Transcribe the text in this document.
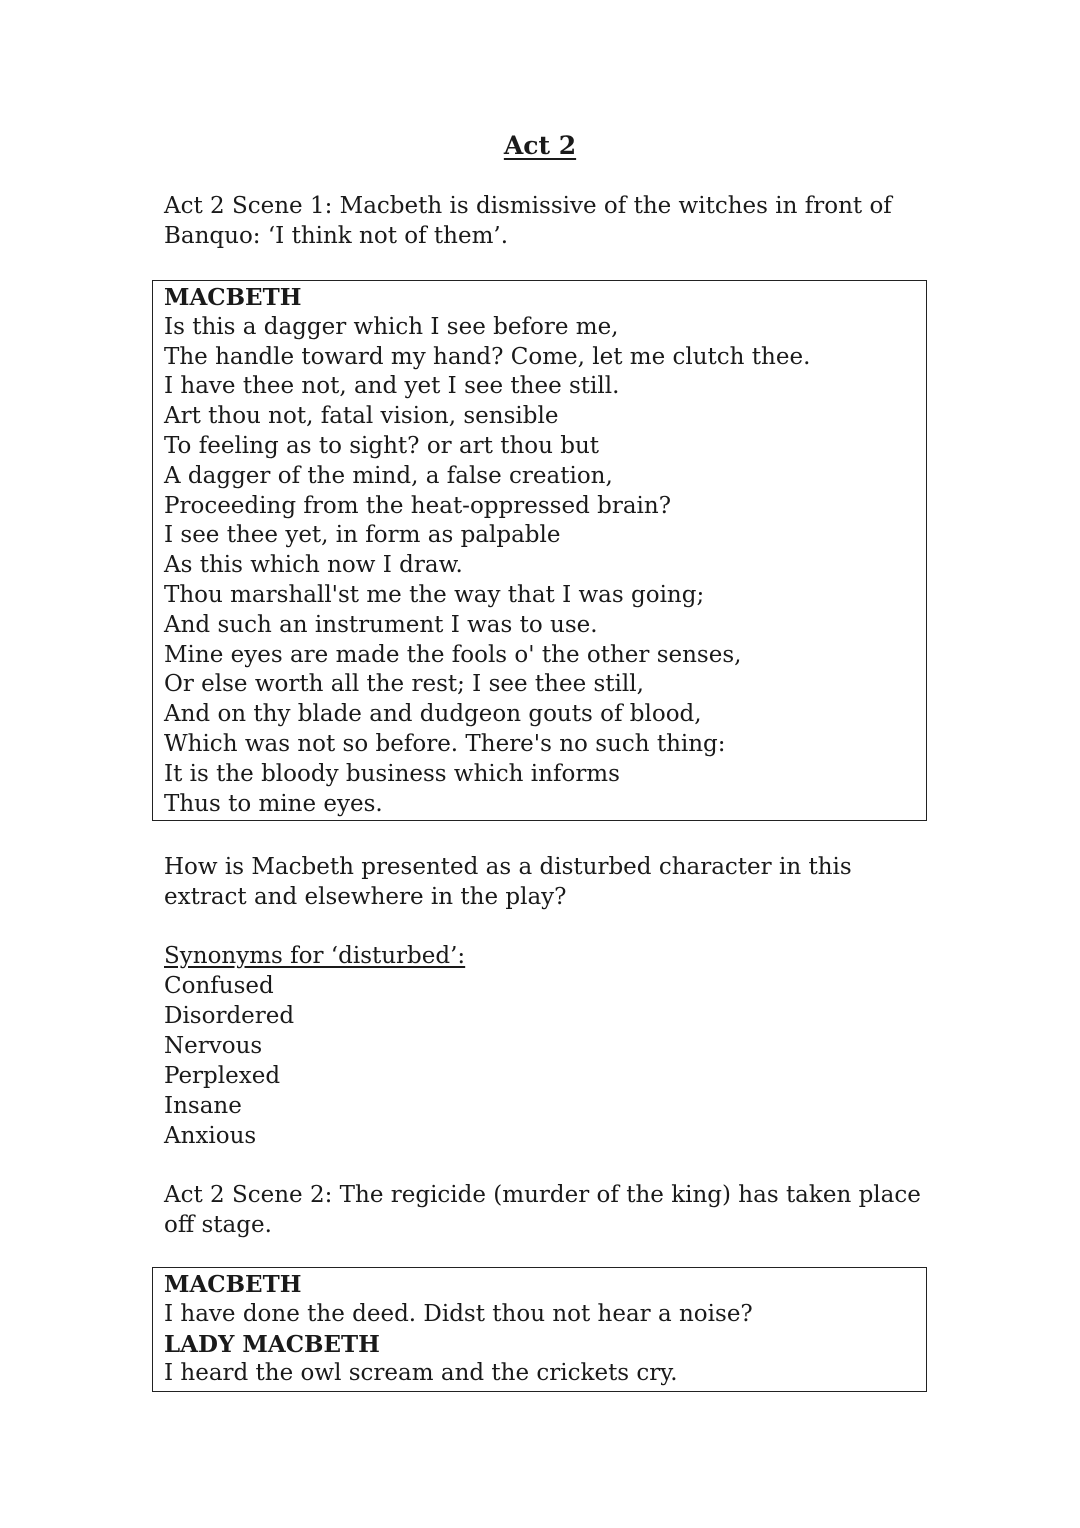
Act 2

Act 2 Scene 1: Macbeth is dismissive of the witches in front of Banquo: ‘I think not of them’.

MACBETH
Is this a dagger which I see before me,
The handle toward my hand? Come, let me clutch thee.
I have thee not, and yet I see thee still.
Art thou not, fatal vision, sensible
To feeling as to sight? or art thou but
A dagger of the mind, a false creation,
Proceeding from the heat-oppressed brain?
I see thee yet, in form as palpable
As this which now I draw.
Thou marshall'st me the way that I was going;
And such an instrument I was to use.
Mine eyes are made the fools o' the other senses,
Or else worth all the rest; I see thee still,
And on thy blade and dudgeon gouts of blood,
Which was not so before. There's no such thing:
It is the bloody business which informs
Thus to mine eyes.

How is Macbeth presented as a disturbed character in this extract and elsewhere in the play?

Synonyms for ‘disturbed’:
Confused
Disordered
Nervous
Perplexed
Insane
Anxious

Act 2 Scene 2: The regicide (murder of the king) has taken place off stage.

MACBETH
I have done the deed. Didst thou not hear a noise?
LADY MACBETH
I heard the owl scream and the crickets cry.
